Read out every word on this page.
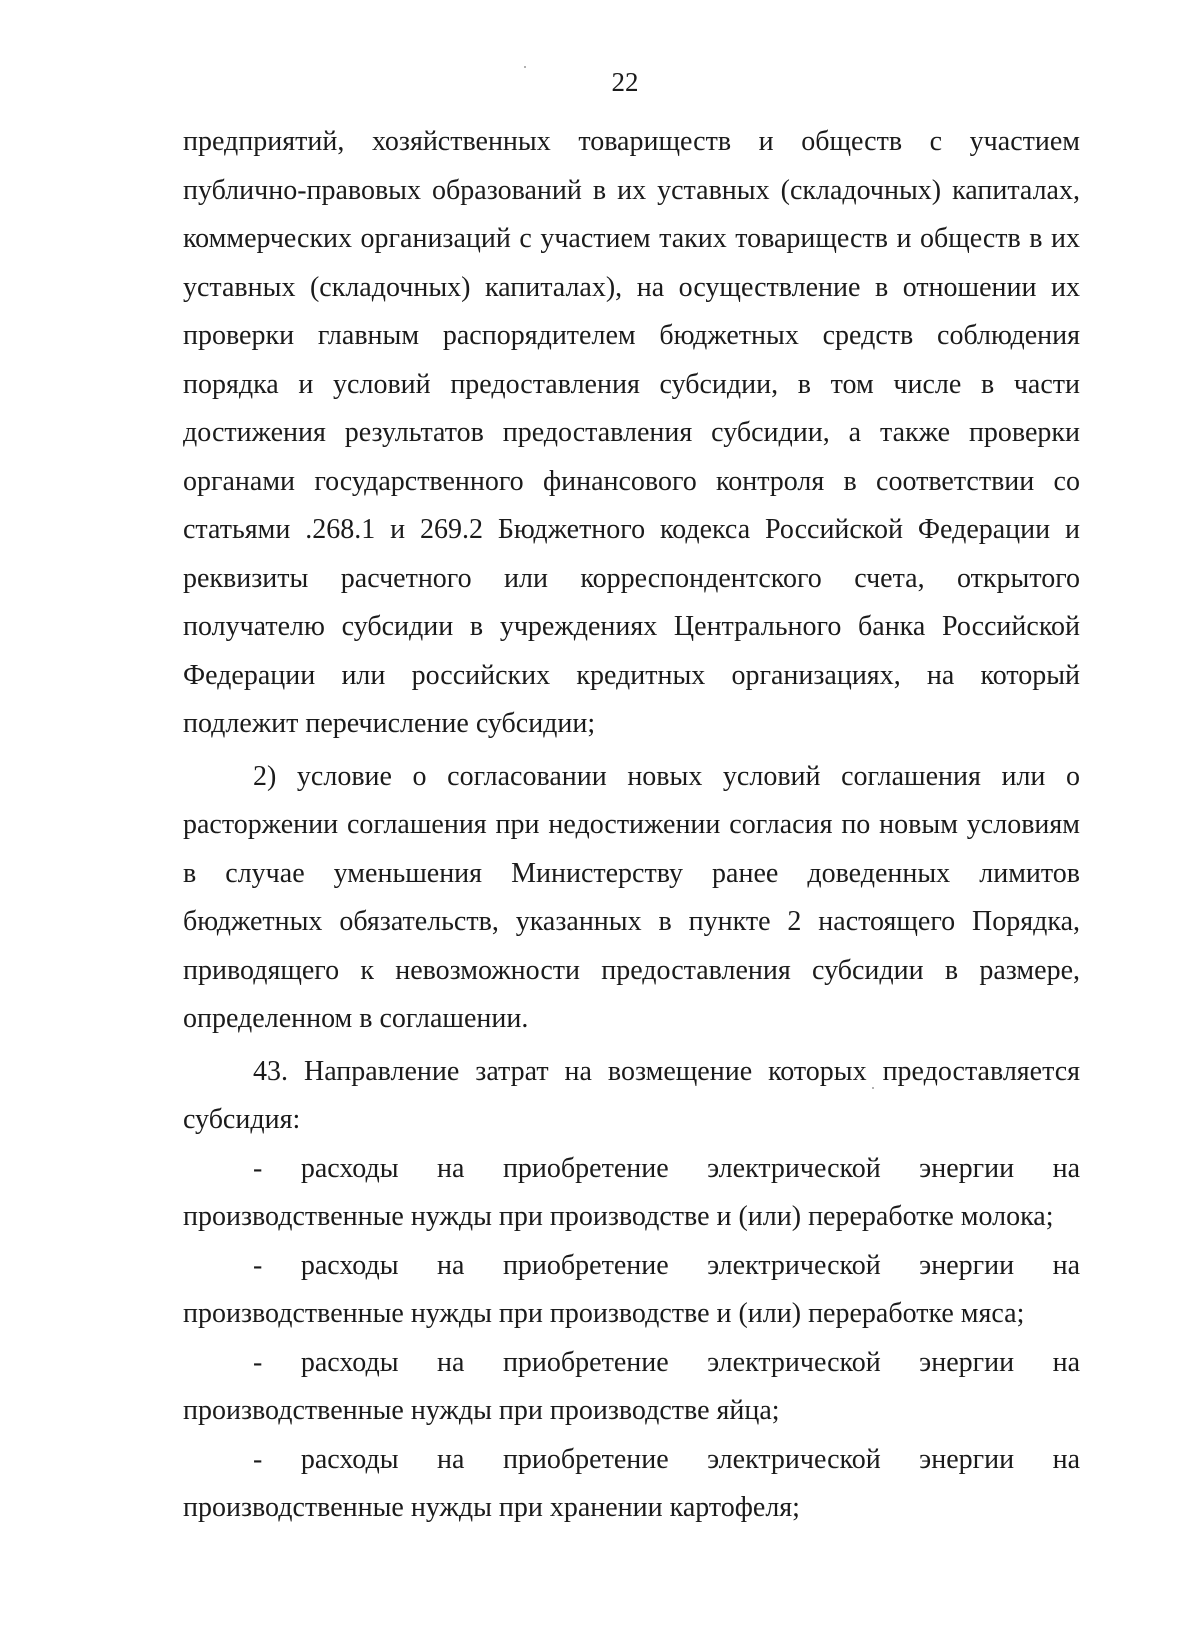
22

предприятий, хозяйственных товариществ и обществ с участием публично-правовых образований в их уставных (складочных) капиталах, коммерческих организаций с участием таких товариществ и обществ в их уставных (складочных) капиталах), на осуществление в отношении их проверки главным распорядителем бюджетных средств соблюдения порядка и условий предоставления субсидии, в том числе в части достижения результатов предоставления субсидии, а также проверки органами государственного финансового контроля в соответствии со статьями .268.1 и 269.2 Бюджетного кодекса Российской Федерации и реквизиты расчетного или корреспондентского счета, открытого получателю субсидии в учреждениях Центрального банка Российской Федерации или российских кредитных организациях, на который подлежит перечисление субсидии;

2) условие о согласовании новых условий соглашения или о расторжении соглашения при недостижении согласия по новым условиям в случае уменьшения Министерству ранее доведенных лимитов бюджетных обязательств, указанных в пункте 2 настоящего Порядка, приводящего к невозможности предоставления субсидии в размере, определенном в соглашении.

43. Направление затрат на возмещение которых предоставляется субсидия:

- расходы на приобретение электрической энергии на производственные нужды при производстве и (или) переработке молока;

- расходы на приобретение электрической энергии на производственные нужды при производстве и (или) переработке мяса;

- расходы на приобретение электрической энергии на производственные нужды при производстве яйца;

- расходы на приобретение электрической энергии на производственные нужды при хранении картофеля;
